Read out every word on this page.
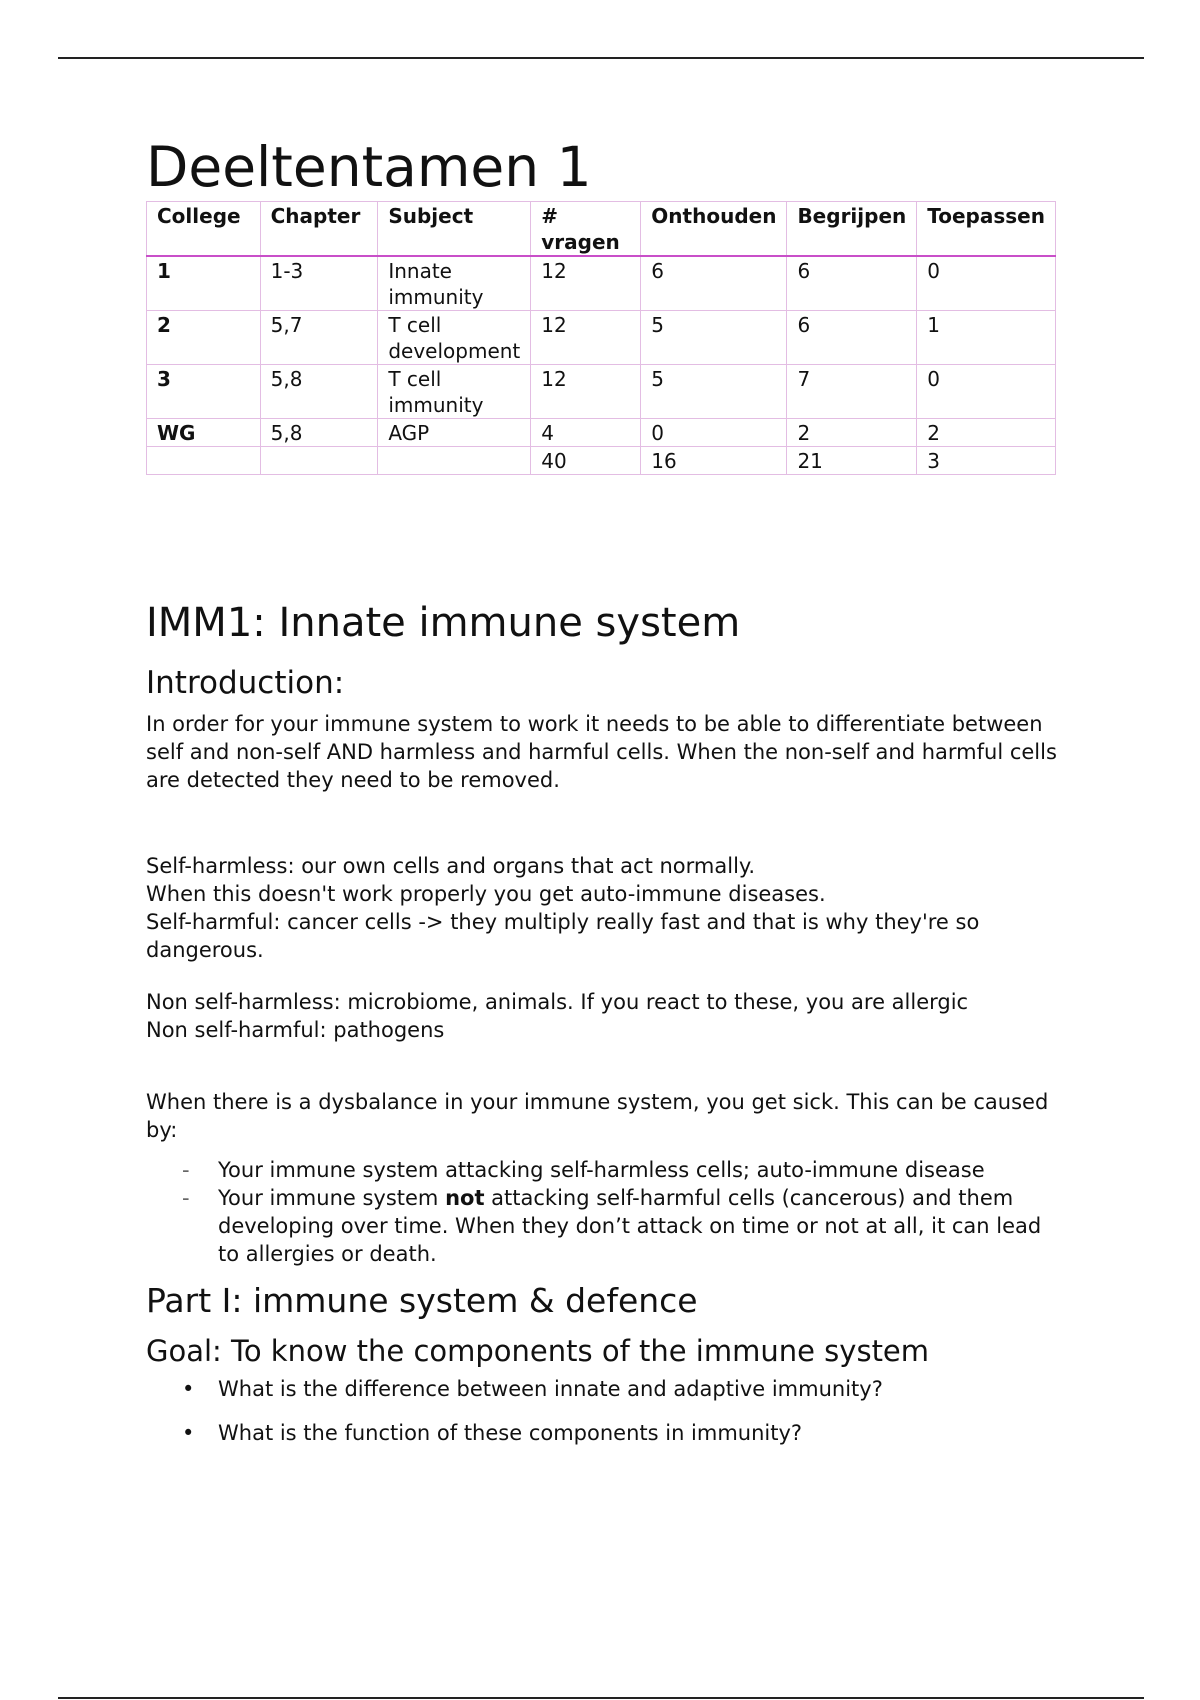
Deeltentamen 1
College	Chapter	Subject	# vragen	Onthouden	Begrijpen	Toepassen
1	1-3	Innate immunity	12	6	6	0
2	5,7	T cell development	12	5	6	1
3	5,8	T cell immunity	12	5	7	0
WG	5,8	AGP	4	0	2	2
			40	16	21	3
IMM1: Innate immune system
Introduction:

In order for your immune system to work it needs to be able to differentiate between self and non-self AND harmless and harmful cells. When the non-self and harmful cells are detected they need to be removed.

Self-harmless: our own cells and organs that act normally.

When this doesn't work properly you get auto-immune diseases.

Self-harmful: cancer cells -> they multiply really fast and that is why they're so dangerous.

Non self-harmless: microbiome, animals. If you react to these, you are allergic

Non self-harmful: pathogens

When there is a dysbalance in your immune system, you get sick. This can be caused by:

- Your immune system attacking self-harmless cells; auto-immune disease
- Your immune system not attacking self-harmful cells (cancerous) and them developing over time. When they don’t attack on time or not at all, it can lead to allergies or death.
Part I: immune system & defence
Goal: To know the components of the immune system
• What is the difference between innate and adaptive immunity?
• What is the function of these components in immunity?
